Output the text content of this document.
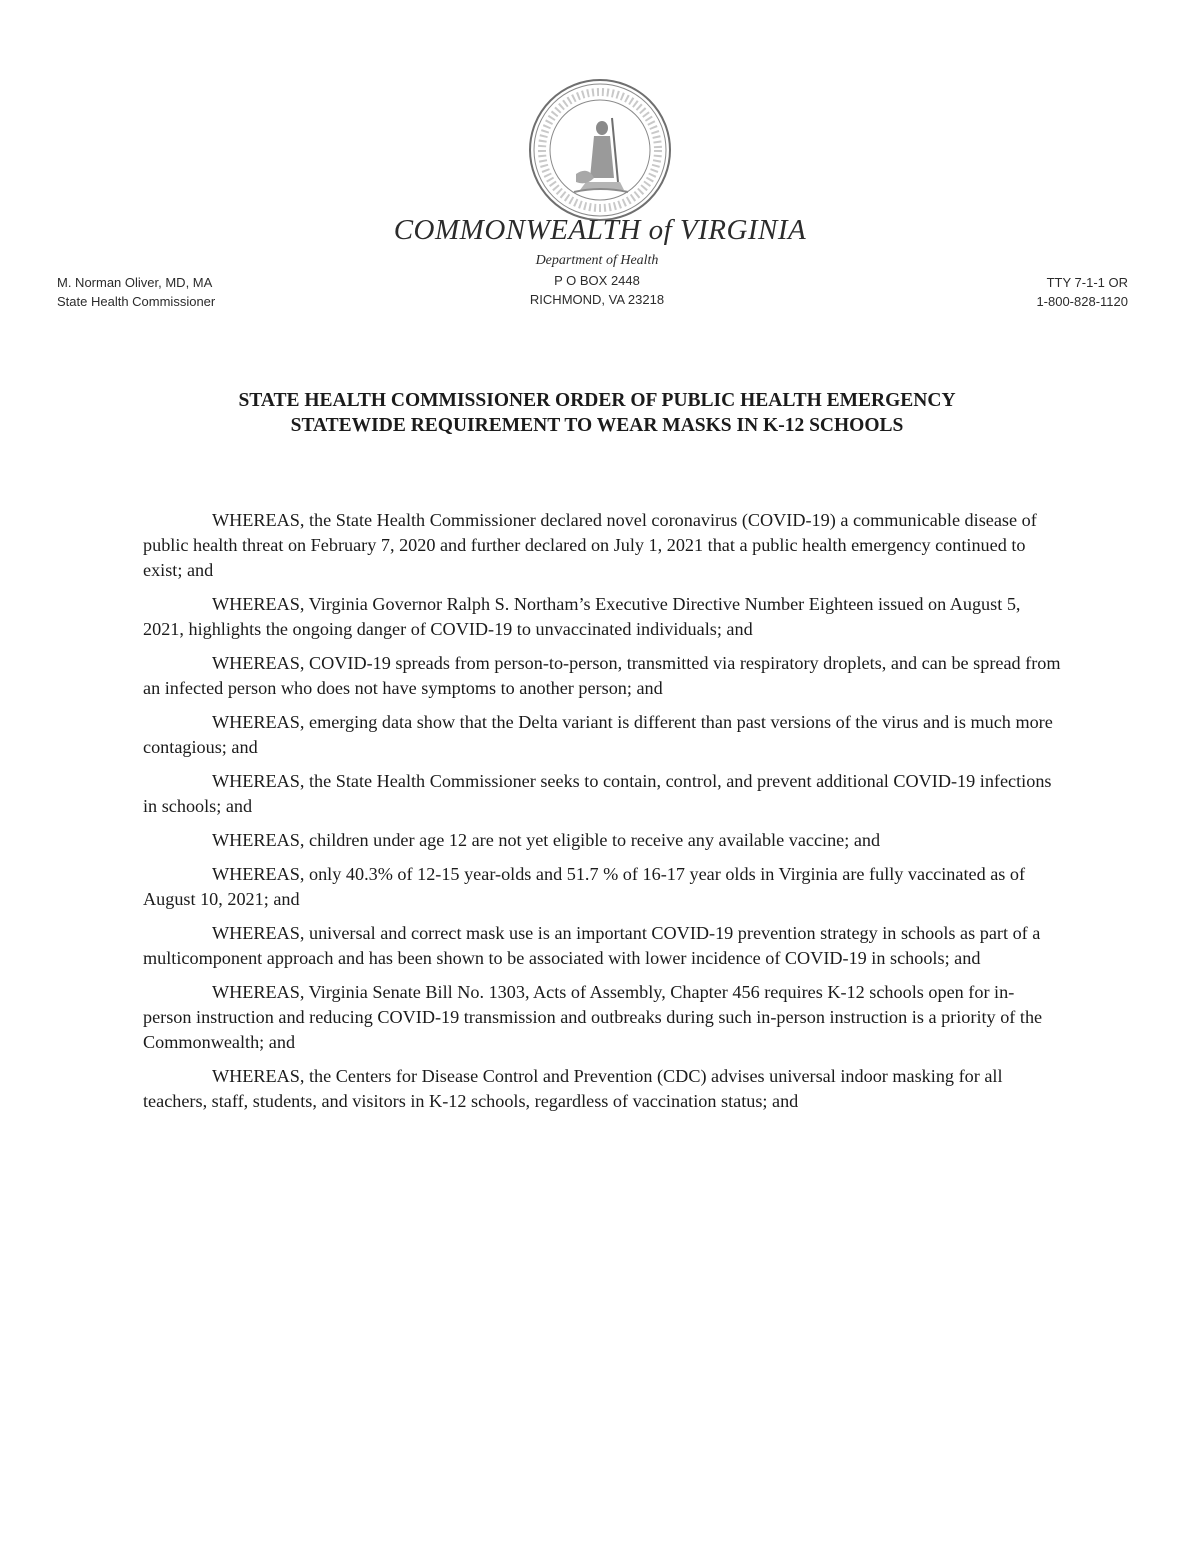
COMMONWEALTH of VIRGINIA
Department of Health
P O BOX 2448
RICHMOND, VA 23218
M. Norman Oliver, MD, MA
State Health Commissioner
TTY 7-1-1 OR
1-800-828-1120
STATE HEALTH COMMISSIONER ORDER OF PUBLIC HEALTH EMERGENCY
STATEWIDE REQUIREMENT TO WEAR MASKS IN K-12 SCHOOLS

WHEREAS, the State Health Commissioner declared novel coronavirus (COVID-19) a communicable disease of public health threat on February 7, 2020 and further declared on July 1, 2021 that a public health emergency continued to exist; and

WHEREAS, Virginia Governor Ralph S. Northam’s Executive Directive Number Eighteen issued on August 5, 2021, highlights the ongoing danger of COVID-19 to unvaccinated individuals; and

WHEREAS, COVID-19 spreads from person-to-person, transmitted via respiratory droplets, and can be spread from an infected person who does not have symptoms to another person; and

WHEREAS, emerging data show that the Delta variant is different than past versions of the virus and is much more contagious; and

WHEREAS, the State Health Commissioner seeks to contain, control, and prevent additional COVID-19 infections in schools; and

WHEREAS, children under age 12 are not yet eligible to receive any available vaccine; and

WHEREAS, only 40.3% of 12-15 year-olds and 51.7 % of 16-17 year olds in Virginia are fully vaccinated as of August 10, 2021; and

WHEREAS, universal and correct mask use is an important COVID-19 prevention strategy in schools as part of a multicomponent approach and has been shown to be associated with lower incidence of COVID-19 in schools; and

WHEREAS, Virginia Senate Bill No. 1303, Acts of Assembly, Chapter 456 requires K-12 schools open for in-person instruction and reducing COVID-19 transmission and outbreaks during such in-person instruction is a priority of the Commonwealth; and

WHEREAS, the Centers for Disease Control and Prevention (CDC) advises universal indoor masking for all teachers, staff, students, and visitors in K-12 schools, regardless of vaccination status; and
